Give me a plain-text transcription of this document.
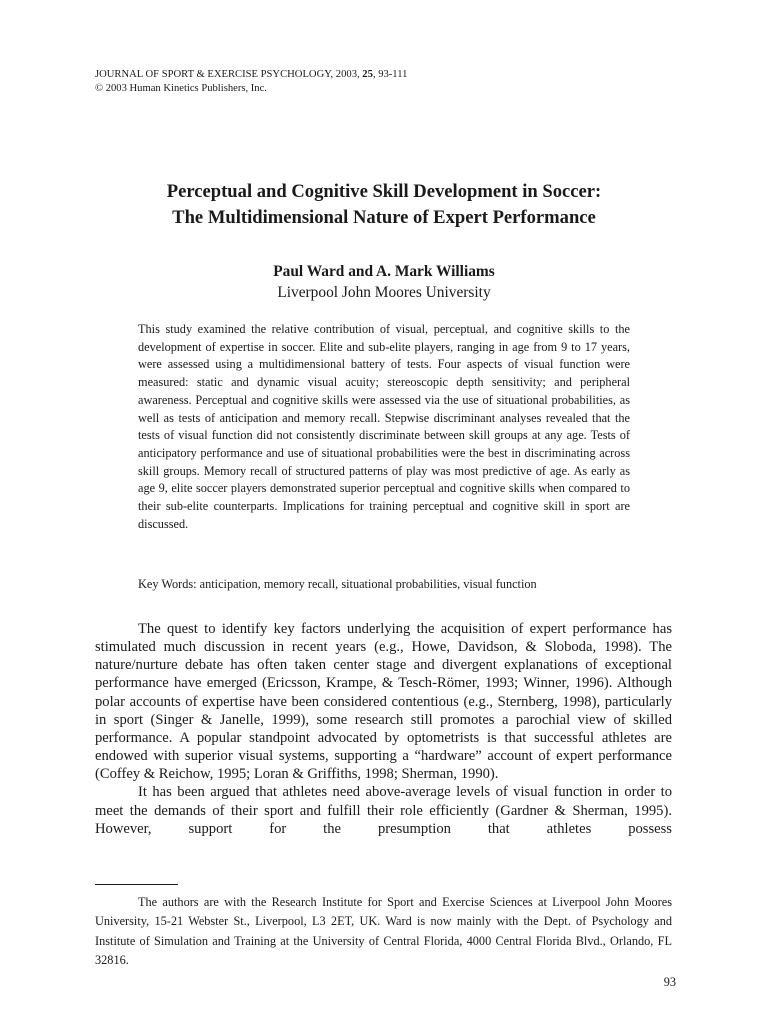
JOURNAL OF SPORT & EXERCISE PSYCHOLOGY, 2003, 25, 93-111
© 2003 Human Kinetics Publishers, Inc.
Perceptual and Cognitive Skill Development in Soccer:
The Multidimensional Nature of Expert Performance
Paul Ward and A. Mark Williams
Liverpool John Moores University
This study examined the relative contribution of visual, perceptual, and cognitive skills to the development of expertise in soccer. Elite and sub-elite players, ranging in age from 9 to 17 years, were assessed using a multidimensional battery of tests. Four aspects of visual function were measured: static and dynamic visual acuity; stereoscopic depth sensitivity; and peripheral awareness. Perceptual and cognitive skills were assessed via the use of situational probabilities, as well as tests of anticipation and memory recall. Stepwise discriminant analyses revealed that the tests of visual function did not consistently discriminate between skill groups at any age. Tests of anticipatory performance and use of situational probabilities were the best in discriminating across skill groups. Memory recall of structured patterns of play was most predictive of age. As early as age 9, elite soccer players demonstrated superior perceptual and cognitive skills when compared to their sub-elite counterparts. Implications for training perceptual and cognitive skill in sport are discussed.
Key Words: anticipation, memory recall, situational probabilities, visual function

The quest to identify key factors underlying the acquisition of expert performance has stimulated much discussion in recent years (e.g., Howe, Davidson, & Sloboda, 1998). The nature/nurture debate has often taken center stage and divergent explanations of exceptional performance have emerged (Ericsson, Krampe, & Tesch-Römer, 1993; Winner, 1996). Although polar accounts of expertise have been considered contentious (e.g., Sternberg, 1998), particularly in sport (Singer & Janelle, 1999), some research still promotes a parochial view of skilled performance. A popular standpoint advocated by optometrists is that successful athletes are endowed with superior visual systems, supporting a “hardware” account of expert performance (Coffey & Reichow, 1995; Loran & Griffiths, 1998; Sherman, 1990).

It has been argued that athletes need above-average levels of visual function in order to meet the demands of their sport and fulfill their role efficiently (Gardner & Sherman, 1995). However, support for the presumption that athletes possess

The authors are with the Research Institute for Sport and Exercise Sciences at Liverpool John Moores University, 15-21 Webster St., Liverpool, L3 2ET, UK. Ward is now mainly with the Dept. of Psychology and Institute of Simulation and Training at the University of Central Florida, 4000 Central Florida Blvd., Orlando, FL 32816.
93
